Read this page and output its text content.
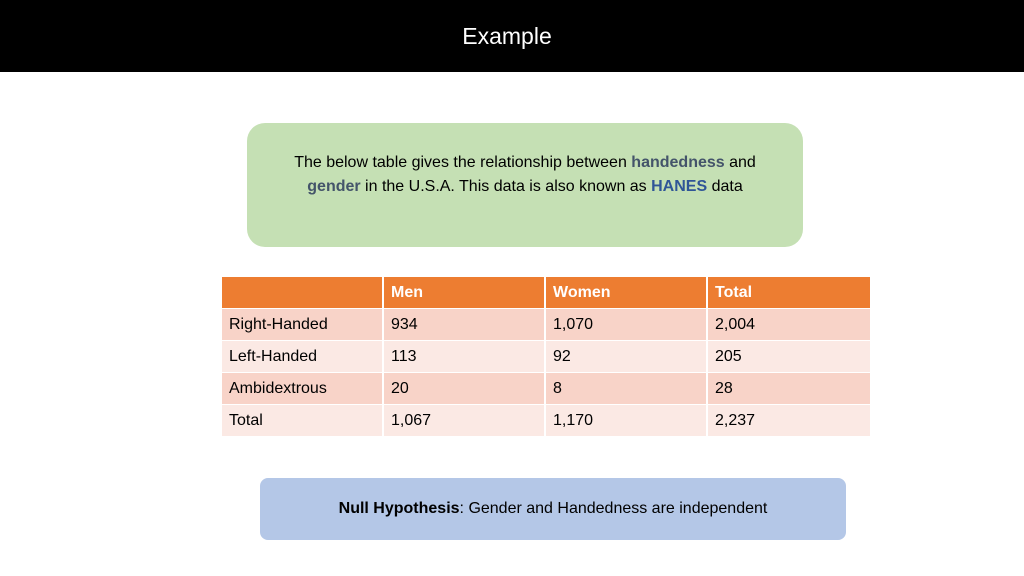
Example
The below table gives the relationship between handedness and
gender in the U.S.A. This data is also known as HANES data
	Men	Women	Total
Right-Handed	934	1,070	2,004
Left-Handed	113	92	205
Ambidextrous	20	8	28
Total	1,067	1,170	2,237
Null Hypothesis: Gender and Handedness are independent
